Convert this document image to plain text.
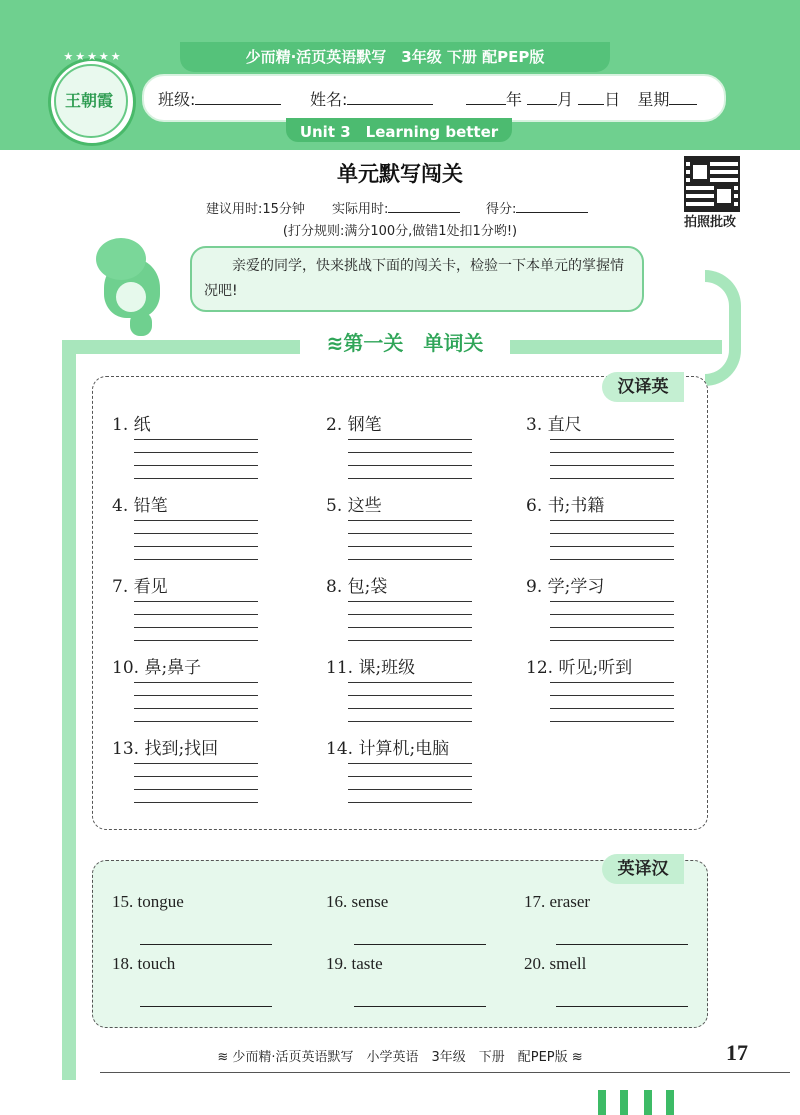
少而精·活页英语默写　3年级 下册 配PEP版
★★★★★
王朝霞	班级:	姓名:	年 月 日 星期
Unit 3　Learning better
单元默写闯关
建议用时:15分钟 实际用时:	得分:
(打分规则:满分100分,做错1处扣1分哟!)
拍照批改
亲爱的同学，快来挑战下面的闯关卡，检验一下本单元的掌握情况吧!
≋第一关　单词关
汉译英
1. 纸	2. 钢笔	3. 直尺
4. 铅笔	5. 这些	6. 书;书籍
7. 看见	8. 包;袋	9. 学;学习
10. 鼻;鼻子	11. 课;班级	12. 听见;听到
13. 找到;找回	14. 计算机;电脑
英译汉
15. tongue	16. sense	17. eraser
18. touch	19. taste	20. smell
≋ 少而精·活页英语默写　小学英语　3年级　下册　配PEP版 ≋	17
